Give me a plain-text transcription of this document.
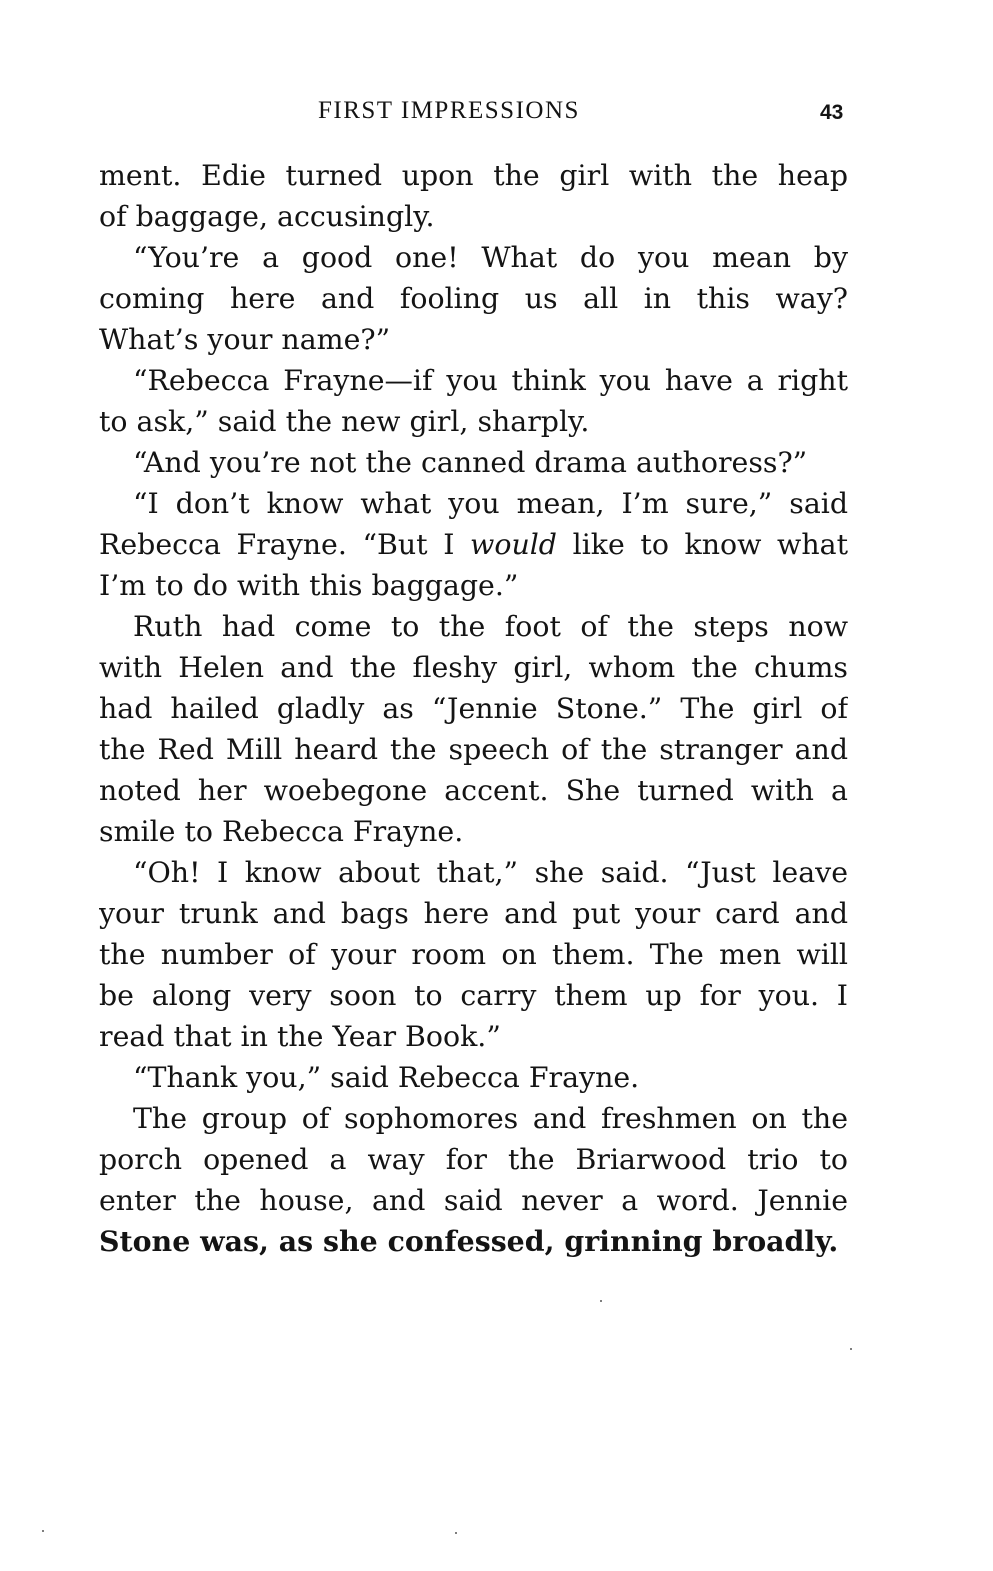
FIRST IMPRESSIONS	43
ment. Edie turned upon the girl with the heap
of baggage, accusingly.
“You’re a good one! What do you mean by
coming here and fooling us all in this way?
What’s your name?”
“Rebecca Frayne—if you think you have a right
to ask,” said the new girl, sharply.
“And you’re not the canned drama authoress?”
“I don’t know what you mean, I’m sure,” said
Rebecca Frayne. “But I would like to know what
I’m to do with this baggage.”
Ruth had come to the foot of the steps now
with Helen and the fleshy girl, whom the chums
had hailed gladly as “Jennie Stone.” The girl of
the Red Mill heard the speech of the stranger and
noted her woebegone accent. She turned with a
smile to Rebecca Frayne.
“Oh! I know about that,” she said. “Just leave
your trunk and bags here and put your card and
the number of your room on them. The men will
be along very soon to carry them up for you. I
read that in the Year Book.”
“Thank you,” said Rebecca Frayne.
The group of sophomores and freshmen on the
porch opened a way for the Briarwood trio to
enter the house, and said never a word. Jennie
Stone was, as she confessed, grinning broadly.
